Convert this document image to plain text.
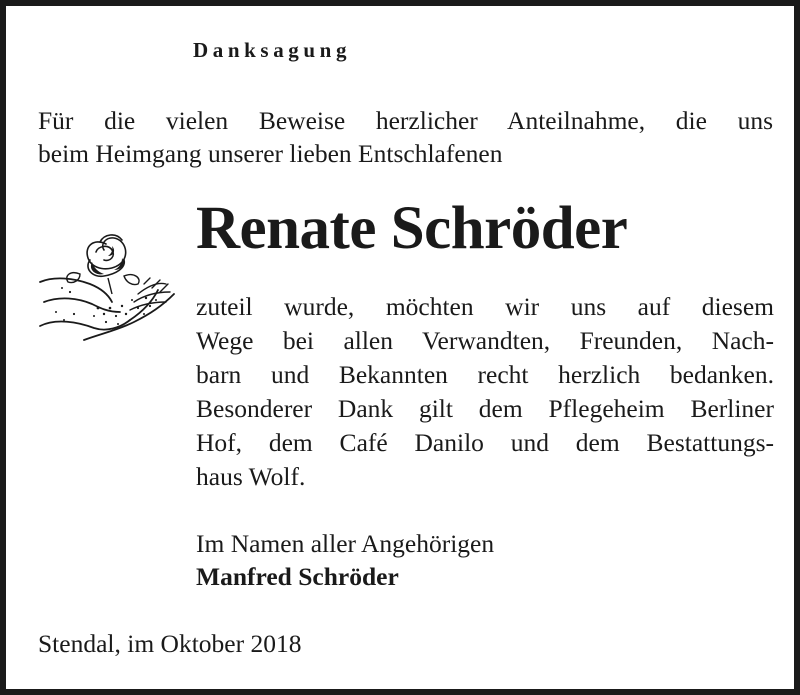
Danksagung
Für die vielen Beweise herzlicher Anteilnahme, die uns
beim Heimgang unserer lieben Entschlafenen
Renate Schröder
zuteil wurde, möchten wir uns auf diesem
Wege bei allen Verwandten, Freunden, Nach-
barn und Bekannten recht herzlich bedanken.
Besonderer Dank gilt dem Pflegeheim Berliner
Hof, dem Café Danilo und dem Bestattungs-
haus Wolf.
Im Namen aller Angehörigen
Manfred Schröder
Stendal, im Oktober 2018
